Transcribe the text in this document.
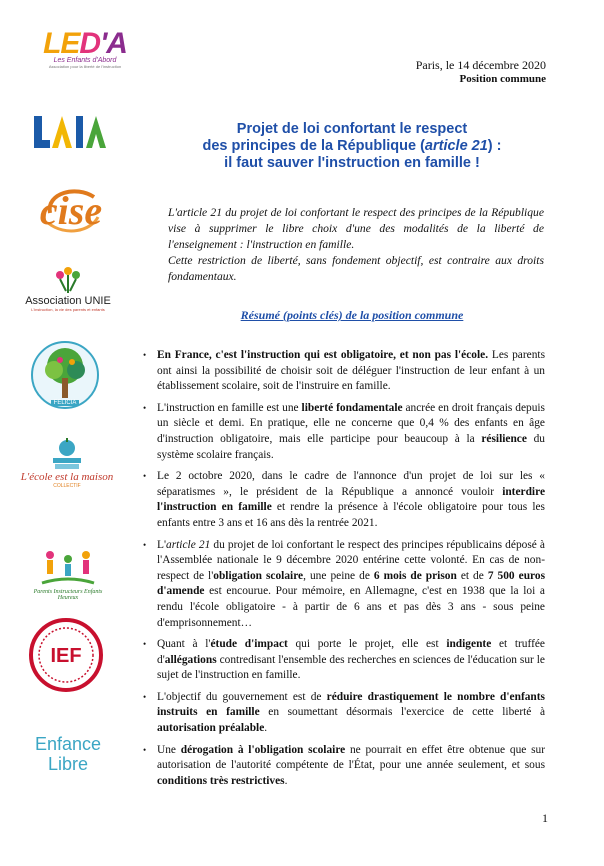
LED'A
Les Enfants d'Abord
Association pour la liberté de l'instruction
cise
Association UNIE
L'instruction, la vie des parents et enfants
FELICIA
L'école est la maison
COLLECTIF
Parents Instructeurs Enfants Heureux
IEF
Enfance
Libre
Paris, le 14 décembre 2020
Position commune
Projet de loi confortant le respect
des principes de la République (article 21) :
il faut sauver l'instruction en famille !

L'article 21 du projet de loi confortant le respect des principes de la République vise à supprimer le libre choix d'une des modalités de la liberté de l'enseignement : l'instruction en famille.

Cette restriction de liberté, sans fondement objectif, est contraire aux droits fondamentaux.

Résumé (points clés) de la position commune
• En France, c'est l'instruction qui est obligatoire, et non pas l'école. Les parents ont ainsi la possibilité de choisir soit de déléguer l'instruction de leur enfant à un établissement scolaire, soit de l'instruire en famille.
• L'instruction en famille est une liberté fondamentale ancrée en droit français depuis un siècle et demi. En pratique, elle ne concerne que 0,4 % des enfants en âge d'instruction obligatoire, mais elle participe pour beaucoup à la résilience du système scolaire français.
• Le 2 octobre 2020, dans le cadre de l'annonce d'un projet de loi sur les « séparatismes », le président de la République a annoncé vouloir interdire l'instruction en famille et rendre la présence à l'école obligatoire pour tous les enfants entre 3 ans et 16 ans dès la rentrée 2021.
• L'article 21 du projet de loi confortant le respect des principes républicains déposé à l'Assemblée nationale le 9 décembre 2020 entérine cette volonté. En cas de non-respect de l'obligation scolaire, une peine de 6 mois de prison et de 7 500 euros d'amende est encourue. Pour mémoire, en Allemagne, c'est en 1938 que la loi a rendu l'école obligatoire - à partir de 6 ans et pas dès 3 ans - sous peine d'emprisonnement…
• Quant à l'étude d'impact qui porte le projet, elle est indigente et truffée d'allégations contredisant l'ensemble des recherches en sciences de l'éducation sur le sujet de l'instruction en famille.
• L'objectif du gouvernement est de réduire drastiquement le nombre d'enfants instruits en famille en soumettant désormais l'exercice de cette liberté à autorisation préalable.
• Une dérogation à l'obligation scolaire ne pourrait en effet être obtenue que sur autorisation de l'autorité compétente de l'État, pour une année seulement, et sous conditions très restrictives.
1
